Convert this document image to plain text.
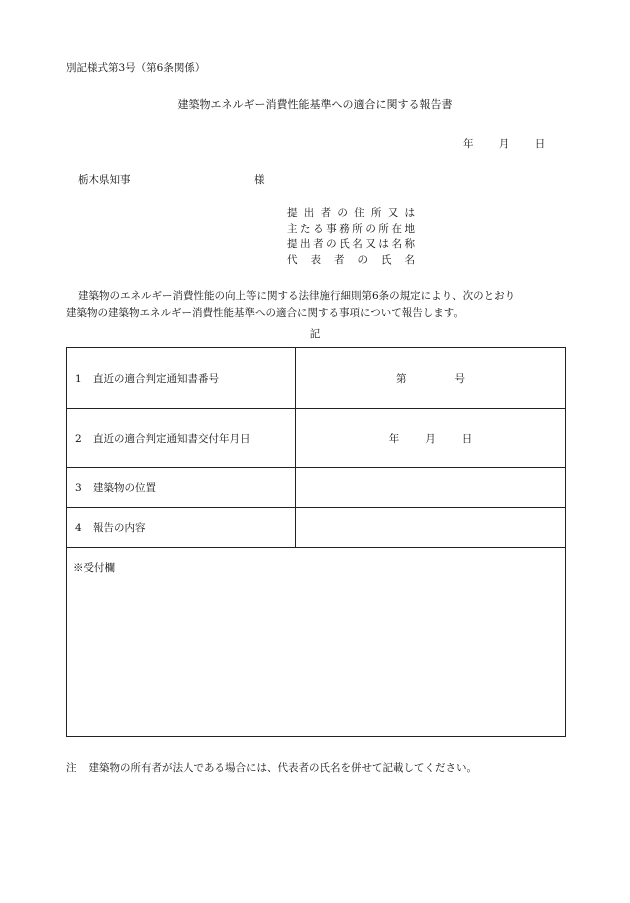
別記様式第3号（第6条関係）
建築物エネルギー消費性能基準への適合に関する報告書
年 月 日
栃木県知事	様
提出者の住所又は
主たる事務所の所在地
提出者の氏名又は名称
代表者の氏名
建築物のエネルギー消費性能の向上等に関する法律施行細則第6条の規定により、次のとおり
建築物の建築物エネルギー消費性能基準への適合に関する事項について報告します。
記
1 直近の適合判定通知書番号	第 号
2 直近の適合判定通知書交付年月日	年 月 日
3 建築物の位置	
4 報告の内容	
※受付欄	
注 建築物の所有者が法人である場合には、代表者の氏名を併せて記載してください。
